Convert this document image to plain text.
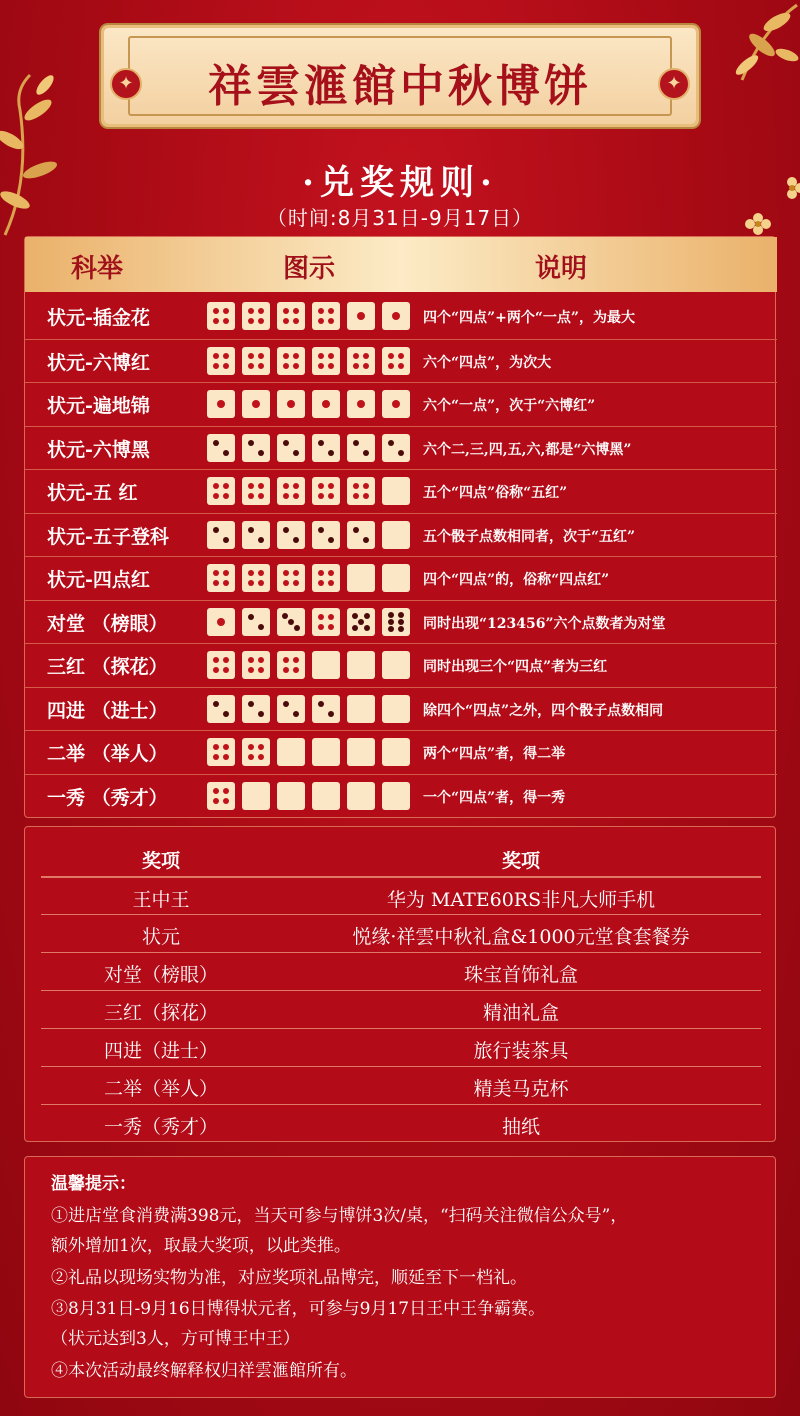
✦
✦
祥雲滙館中秋博饼
·兑奖规则·
（时间:8月31日-9月17日）
科举	图示	说明
状元-插金花	四个“四点”+两个“一点”，为最大
状元-六博红	六个“四点”，为次大
状元-遍地锦	六个“一点”，次于“六博红”
状元-六博黑	六个二,三,四,五,六,都是“六博黑”
状元-五 红	五个“四点”俗称“五红”
状元-五子登科	五个骰子点数相同者，次于“五红”
状元-四点红	四个“四点”的，俗称“四点红”
对堂 （榜眼）	同时出现“123456”六个点数者为对堂
三红 （探花）	同时出现三个“四点”者为三红
四进 （进士）	除四个“四点”之外，四个骰子点数相同
二举 （举人）	两个“四点”者，得二举
一秀 （秀才）	一个“四点”者，得一秀
奖项	奖项
王中王	华为 MATE60RS非凡大师手机
状元	悦缘·祥雲中秋礼盒&1000元堂食套餐券
对堂（榜眼）	珠宝首饰礼盒
三红（探花）	精油礼盒
四进（进士）	旅行装茶具
二举（举人）	精美马克杯
一秀（秀才）	抽纸
温馨提示：
①进店堂食消费满398元，当天可参与博饼3次/桌，“扫码关注微信公众号”，
额外增加1次，取最大奖项，以此类推。
②礼品以现场实物为准，对应奖项礼品博完，顺延至下一档礼。
③8月31日-9月16日博得状元者，可参与9月17日王中王争霸赛。
（状元达到3人，方可博王中王）
④本次活动最终解释权归祥雲滙館所有。
